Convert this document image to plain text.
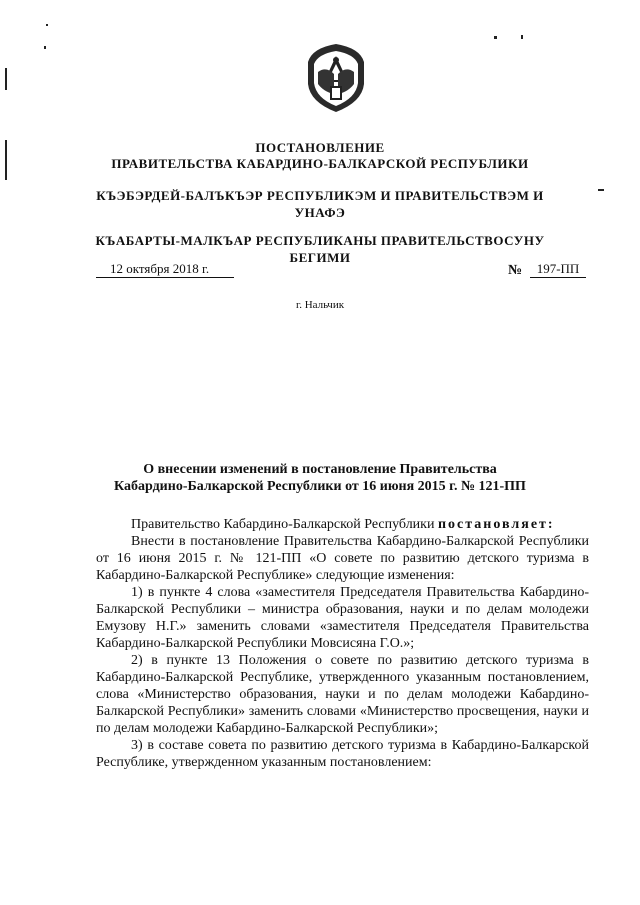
ПОСТАНОВЛЕНИЕ
ПРАВИТЕЛЬСТВА КАБАРДИНО-БАЛКАРСКОЙ РЕСПУБЛИКИ
КЪЭБЭРДЕЙ-БАЛЪКЪЭР РЕСПУБЛИКЭМ И ПРАВИТЕЛЬСТВЭМ И
УНАФЭ
КЪАБАРТЫ-МАЛКЪАР РЕСПУБЛИКАНЫ ПРАВИТЕЛЬСТВОСУНУ
БЕГИМИ
12 октября 2018 г.	№	197-ПП
г. Нальчик
О внесении изменений в постановление Правительства
Кабардино-Балкарской Республики от 16 июня 2015 г. № 121-ПП

Правительство Кабардино-Балкарской Республики постановляет:

Внести в постановление Правительства Кабардино-Балкарской Республики от 16 июня 2015 г. № 121-ПП «О совете по развитию детского туризма в Кабардино-Балкарской Республике» следующие изменения:

1) в пункте 4 слова «заместителя Председателя Правительства Кабардино-Балкарской Республики – министра образования, науки и по делам молодежи Емузову Н.Г.» заменить словами «заместителя Председателя Правительства Кабардино-Балкарской Республики Мовсисяна Г.О.»;

2) в пункте 13 Положения о совете по развитию детского туризма в Кабардино-Балкарской Республике, утвержденного указанным постановлением, слова «Министерство образования, науки и по делам молодежи Кабардино-Балкарской Республики» заменить словами «Министерство просвещения, науки и по делам молодежи Кабардино-Балкарской Республики»;

3) в составе совета по развитию детского туризма в Кабардино-Балкарской Республике, утвержденном указанным постановлением:
